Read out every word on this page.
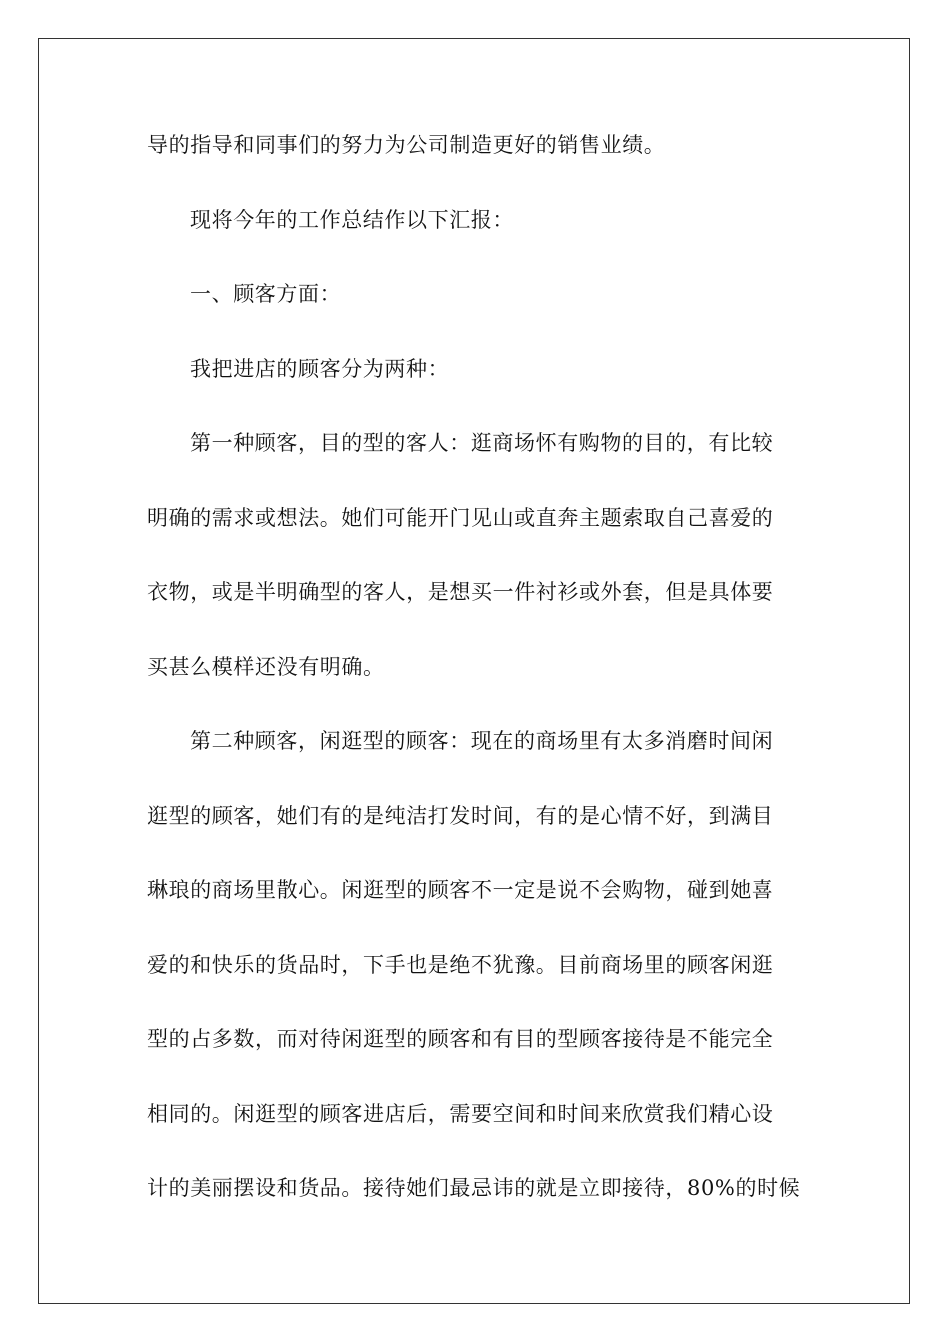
导的指导和同事们的努力为公司制造更好的销售业绩。
现将今年的工作总结作以下汇报：
一、顾客方面：
我把进店的顾客分为两种：
第一种顾客，目的型的客人：逛商场怀有购物的目的，有比较
明确的需求或想法。她们可能开门见山或直奔主题索取自己喜爱的
衣物，或是半明确型的客人，是想买一件衬衫或外套，但是具体要
买甚么模样还没有明确。
第二种顾客，闲逛型的顾客：现在的商场里有太多消磨时间闲
逛型的顾客，她们有的是纯洁打发时间，有的是心情不好，到满目
琳琅的商场里散心。闲逛型的顾客不一定是说不会购物，碰到她喜
爱的和快乐的货品时，下手也是绝不犹豫。目前商场里的顾客闲逛
型的占多数，而对待闲逛型的顾客和有目的型顾客接待是不能完全
相同的。闲逛型的顾客进店后，需要空间和时间来欣赏我们精心设
计的美丽摆设和货品。接待她们最忌讳的就是立即接待，80%的时候
